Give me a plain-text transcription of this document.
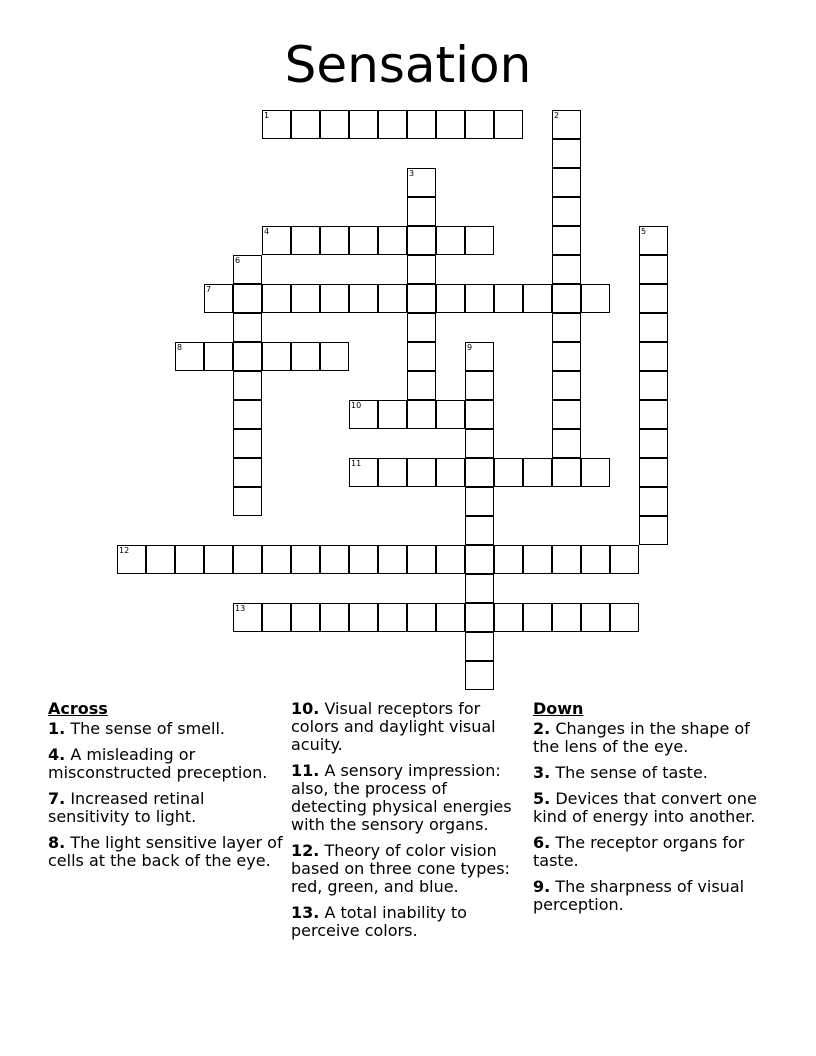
Sensation
1	2
3
4	5
6
7
8	9
10
11
12
13
Across
1. The sense of smell.
4. A misleading or misconstructed preception.
7. Increased retinal sensitivity to light.
8. The light sensitive layer of cells at the back of the eye.
10. Visual receptors for colors and daylight visual acuity.
11. A sensory impression: also, the process of detecting physical energies with the sensory organs.
12. Theory of color vision based on three cone types: red, green, and blue.
13. A total inability to perceive colors.
Down
2. Changes in the shape of the lens of the eye.
3. The sense of taste.
5. Devices that convert one kind of energy into another.
6. The receptor organs for taste.
9. The sharpness of visual perception.
